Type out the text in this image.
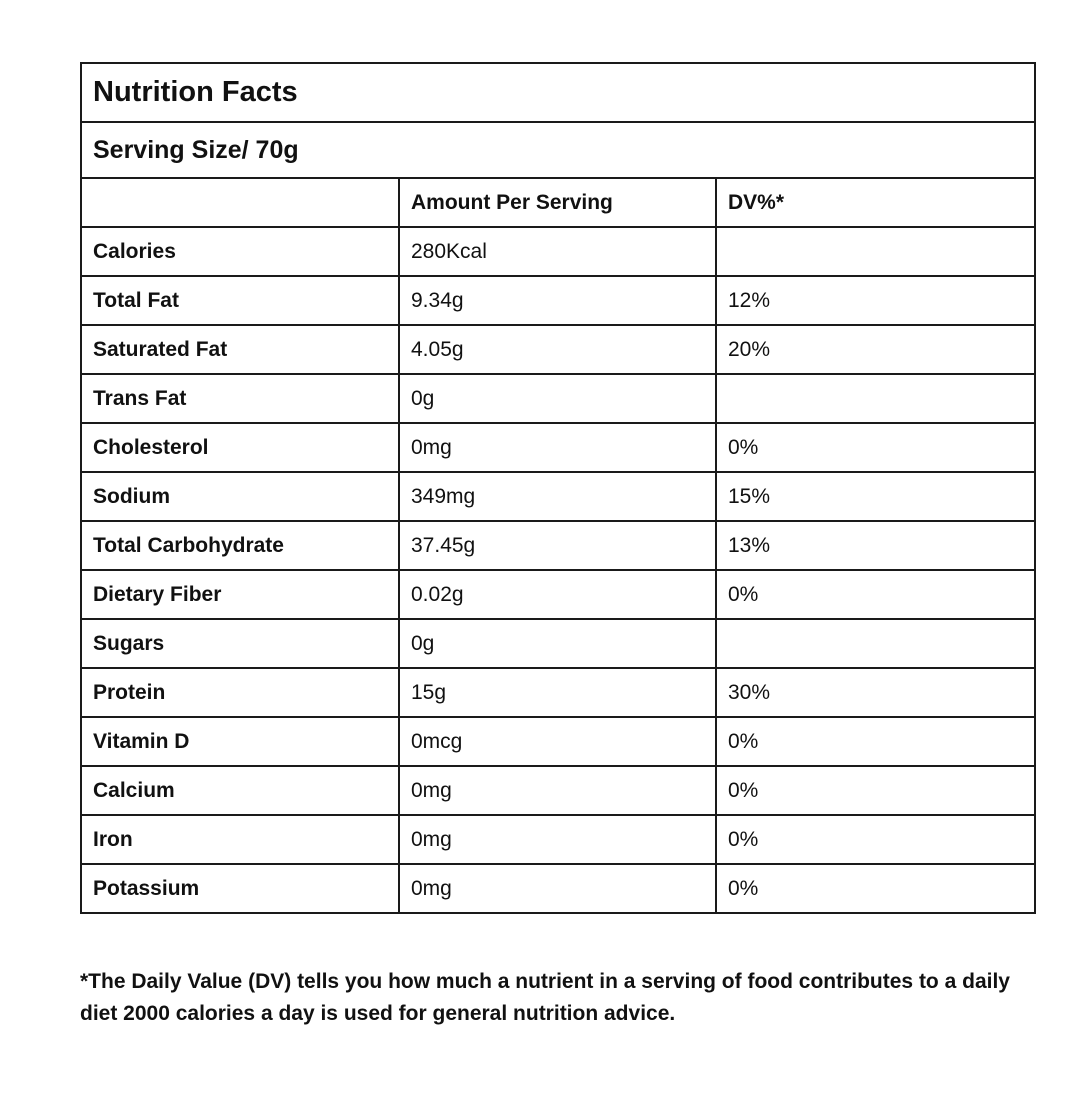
Nutrition Facts		
Serving Size/ 70g		
	Amount Per Serving	DV%*
Calories	280Kcal	
Total Fat	9.34g	12%
Saturated Fat	4.05g	20%
Trans Fat	0g	
Cholesterol	0mg	0%
Sodium	349mg	15%
Total Carbohydrate	37.45g	13%
Dietary Fiber	0.02g	0%
Sugars	0g	
Protein	15g	30%
Vitamin D	0mcg	0%
Calcium	0mg	0%
Iron	0mg	0%
Potassium	0mg	0%

*The Daily Value (DV) tells you how much a nutrient in a serving of food contributes to a daily diet 2000 calories a day is used for general nutrition advice.
